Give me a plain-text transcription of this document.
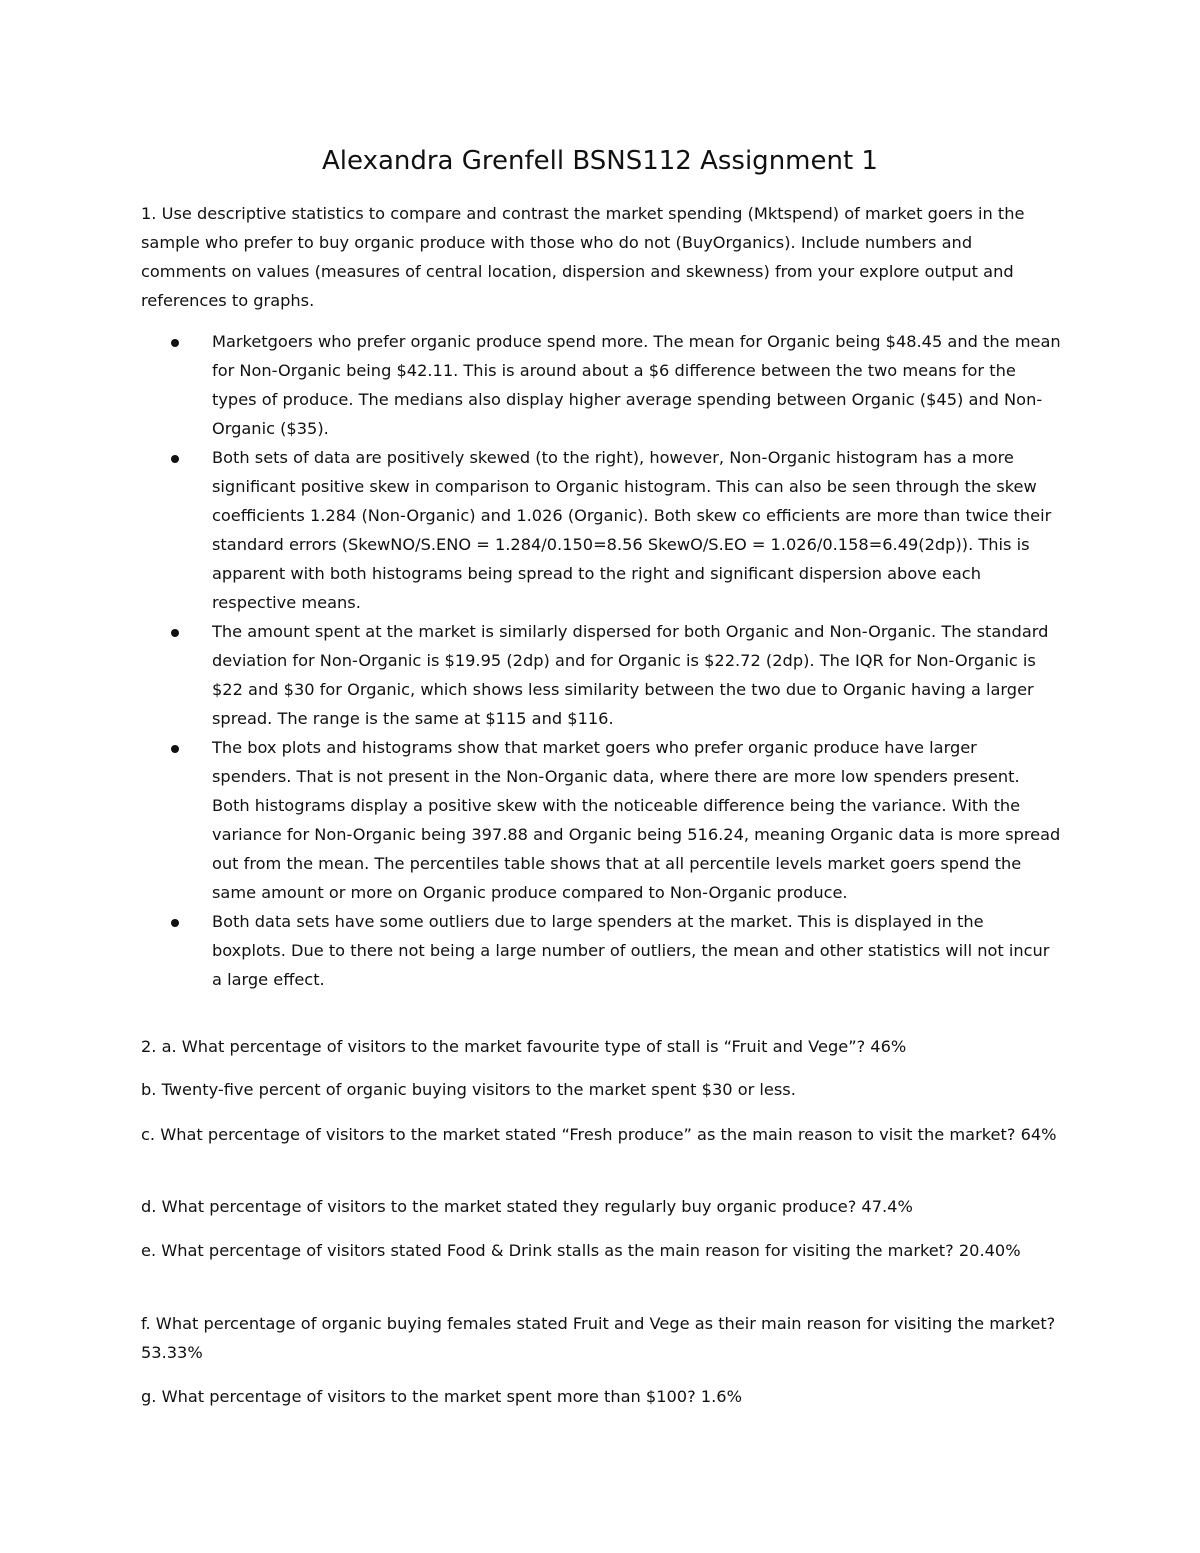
Alexandra Grenfell BSNS112 Assignment 1
1. Use descriptive statistics to compare and contrast the market spending (Mktspend) of market goers in the sample who prefer to buy organic produce with those who do not (BuyOrganics). Include numbers and comments on values (measures of central location, dispersion and skewness) from your explore output and references to graphs.
Marketgoers who prefer organic produce spend more. The mean for Organic being $48.45 and the mean for Non-Organic being $42.11. This is around about a $6 difference between the two means for the types of produce. The medians also display higher average spending between Organic ($45) and Non-Organic ($35).
Both sets of data are positively skewed (to the right), however, Non-Organic histogram has a more significant positive skew in comparison to Organic histogram. This can also be seen through the skew coefficients 1.284 (Non-Organic) and 1.026 (Organic). Both skew co efficients are more than twice their standard errors (SkewNO/S.ENO = 1.284/0.150=8.56 SkewO/S.EO = 1.026/0.158=6.49(2dp)). This is apparent with both histograms being spread to the right and significant dispersion above each respective means.
The amount spent at the market is similarly dispersed for both Organic and Non-Organic. The standard deviation for Non-Organic is $19.95 (2dp) and for Organic is $22.72 (2dp). The IQR for Non-Organic is $22 and $30 for Organic, which shows less similarity between the two due to Organic having a larger spread. The range is the same at $115 and $116.
The box plots and histograms show that market goers who prefer organic produce have larger spenders. That is not present in the Non-Organic data, where there are more low spenders present. Both histograms display a positive skew with the noticeable difference being the variance. With the variance for Non-Organic being 397.88 and Organic being 516.24, meaning Organic data is more spread out from the mean. The percentiles table shows that at all percentile levels market goers spend the same amount or more on Organic produce compared to Non-Organic produce.
Both data sets have some outliers due to large spenders at the market. This is displayed in the boxplots. Due to there not being a large number of outliers, the mean and other statistics will not incur a large effect.
2. a. What percentage of visitors to the market favourite type of stall is “Fruit and Vege”? 46%
b. Twenty-five percent of organic buying visitors to the market spent $30 or less.
c. What percentage of visitors to the market stated “Fresh produce” as the main reason to visit the market? 64%
d. What percentage of visitors to the market stated they regularly buy organic produce? 47.4%
e. What percentage of visitors stated Food & Drink stalls as the main reason for visiting the market? 20.40%
f. What percentage of organic buying females stated Fruit and Vege as their main reason for visiting the market? 53.33%
g. What percentage of visitors to the market spent more than $100? 1.6%
